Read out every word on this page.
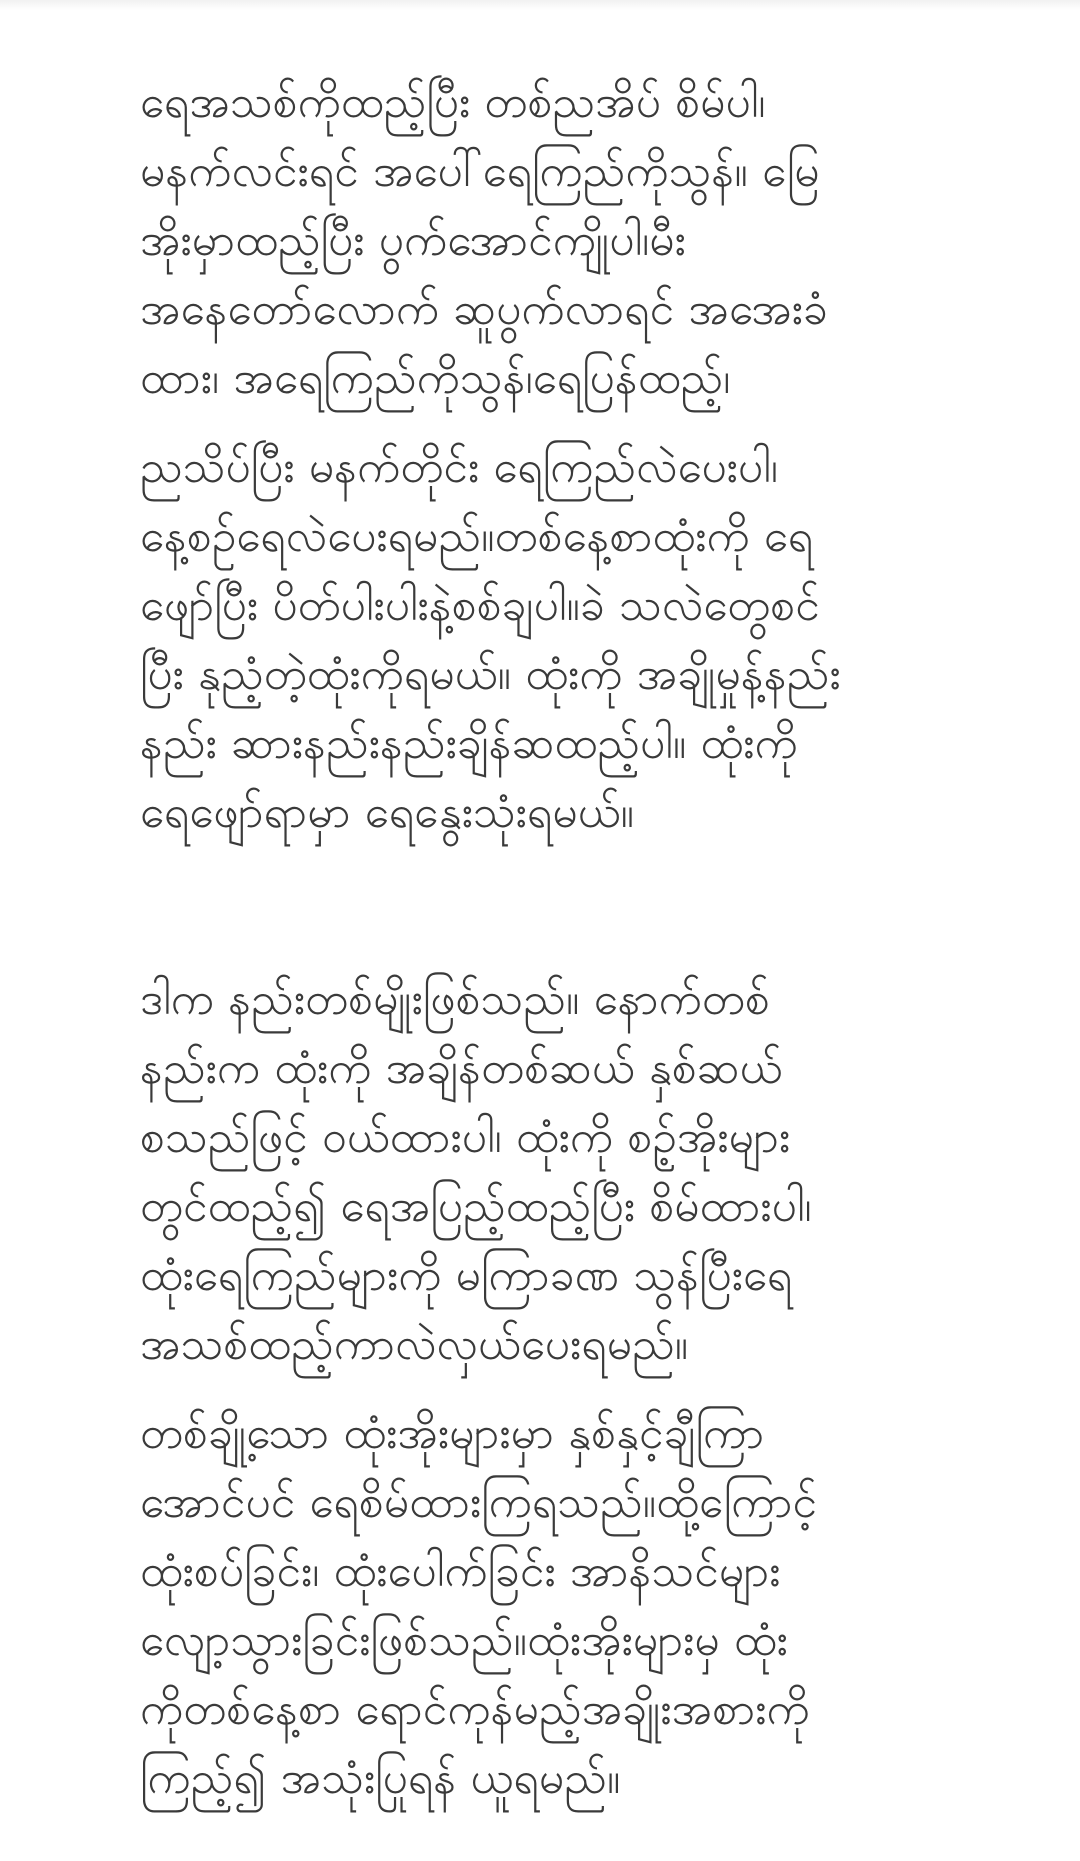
ရေအသစ်ကိုထည့်ပြီး တစ်ညအိပ် စိမ်ပါ၊
မနက်လင်းရင် အပေါ်ရေကြည်ကိုသွန်။ မြေ
အိုးမှာထည့်ပြီး ပွက်အောင်ကျိုပါ၊မီး
အနေတော်လောက် ဆူပွက်လာရင် အအေးခံ
ထား၊ အရေကြည်ကိုသွန်၊ရေပြန်ထည့်၊

ညသိပ်ပြီး မနက်တိုင်း ရေကြည်လဲပေးပါ၊
နေ့စဉ်ရေလဲပေးရမည်။တစ်နေ့စာထုံးကို ရေ
ဖျော်ပြီး ပိတ်ပါးပါးနဲ့စစ်ချပါ။ခဲ သလဲတွေစင်
ပြီး နုညံ့တဲ့ထုံးကိုရမယ်။ ထုံးကို အချိုမှုန့်နည်း
နည်း ဆားနည်းနည်းချိန်ဆထည့်ပါ။ ထုံးကို
ရေဖျော်ရာမှာ ရေနွေးသုံးရမယ်။

ဒါက နည်းတစ်မျိုးဖြစ်သည်။ နောက်တစ်
နည်းက ထုံးကို အချိန်တစ်ဆယ် နှစ်ဆယ်
စသည်ဖြင့် ဝယ်ထားပါ၊ ထုံးကို စဉ့်အိုးများ
တွင်ထည့်၍ ရေအပြည့်ထည့်ပြီး စိမ်ထားပါ၊
ထုံးရေကြည်များကို မကြာခဏ သွန်ပြီးရေ
အသစ်ထည့်ကာလဲလှယ်ပေးရမည်။

တစ်ချို့သော ထုံးအိုးများမှာ နှစ်နှင့်ချီကြာ
အောင်ပင် ရေစိမ်ထားကြရသည်။ထို့ကြောင့်
ထုံးစပ်ခြင်း၊ ထုံးပေါက်ခြင်း အာနိသင်များ
လျော့သွားခြင်းဖြစ်သည်။ထုံးအိုးများမှ ထုံး
ကိုတစ်နေ့စာ ရောင်ကုန်မည့်အချိုးအစားကို
ကြည့်၍ အသုံးပြုရန် ယူရမည်။
